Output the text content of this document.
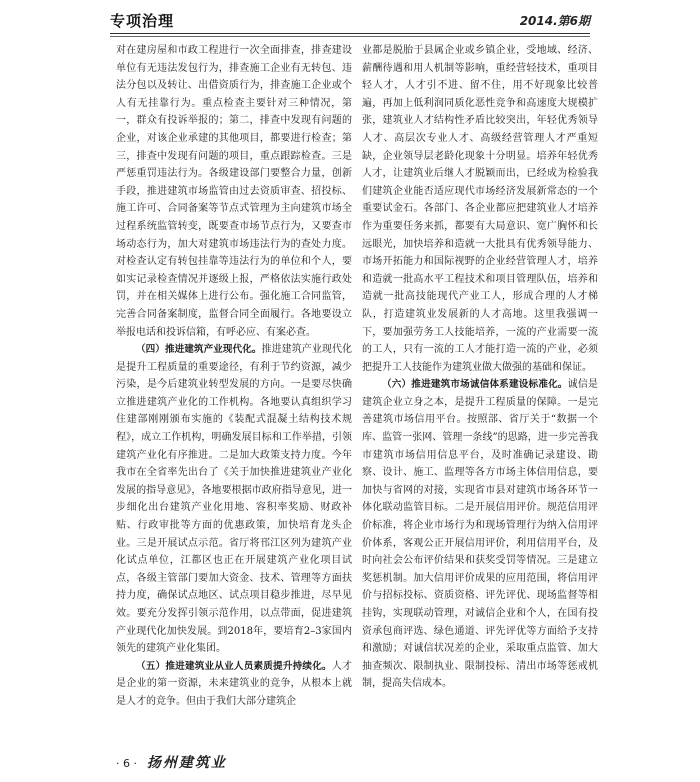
专项治理	2014.第6期

对在建房屋和市政工程进行一次全面排查，排查建设单位有无违法发包行为，排查施工企业有无转包、违法分包以及转让、出借资质行为，排查施工企业或个人有无挂靠行为。重点检查主要针对三种情况，第一，群众有投诉举报的；第二，排查中发现有问题的企业，对该企业承建的其他项目，都要进行检查；第三，排查中发现有问题的项目，重点跟踪检查。三是严惩重罚违法行为。各级建设部门要整合力量，创新手段，推进建筑市场监管由过去资质审查、招投标、施工许可、合同备案等节点式管理为主向建筑市场全过程系统监管转变，既要查市场节点行为，又要查市场动态行为，加大对建筑市场违法行为的查处力度。对检查认定有转包挂靠等违法行为的单位和个人，要如实记录检查情况并逐级上报，严格依法实施行政处罚，并在相关媒体上进行公布。强化施工合同监管，完善合同备案制度，监督合同全面履行。各地要设立举报电话和投诉信箱，有呼必应、有案必查。

（四）推进建筑产业现代化。推进建筑产业现代化是提升工程质量的重要途径，有利于节约资源，减少污染，是今后建筑业转型发展的方向。一是要尽快确立推进建筑产业化的工作机构。各地要认真组织学习住建部刚刚颁布实施的《装配式混凝土结构技术规程》，成立工作机构，明确发展目标和工作举措，引领建筑产业化有序推进。二是加大政策支持力度。今年我市在全省率先出台了《关于加快推进建筑业产业化发展的指导意见》，各地要根据市政府指导意见，进一步细化出台建筑产业化用地、容积率奖励、财政补贴、行政审批等方面的优惠政策，加快培育龙头企业。三是开展试点示范。省厅将邗江区列为建筑产业化试点单位，江都区也正在开展建筑产业化项目试点，各级主管部门要加大资金、技术、管理等方面扶持力度，确保试点地区、试点项目稳步推进，尽早见效。要充分发挥引领示范作用，以点带面，促进建筑产业现代化加快发展。到2018年，要培育2–3家国内领先的建筑产业化集团。

（五）推进建筑业从业人员素质提升持续化。人才是企业的第一资源，未来建筑业的竞争，从根本上就是人才的竞争。但由于我们大部分建筑企

业都是脱胎于县属企业或乡镇企业，受地域、经济、薪酬待遇和用人机制等影响，重经营轻技术，重项目轻人才，人才引不进、留不住，用不好现象比较普遍，再加上低利润同质化恶性竞争和高速度大规模扩张，建筑业人才结构性矛盾比较突出，年轻优秀领导人才、高层次专业人才、高级经营管理人才严重短缺，企业领导层老龄化现象十分明显。培养年轻优秀人才，让建筑业后继人才脱颖而出，已经成为检验我们建筑企业能否适应现代市场经济发展新常态的一个重要试金石。各部门、各企业都应把建筑业人才培养作为重要任务来抓，都要有大局意识、宽广胸怀和长远眼光，加快培养和造就一大批具有优秀领导能力、市场开拓能力和国际视野的企业经营管理人才，培养和造就一批高水平工程技术和项目管理队伍，培养和造就一批高技能现代产业工人，形成合理的人才梯队，打造建筑业发展新的人才高地。这里我强调一下，要加强劳务工人技能培养，一流的产业需要一流的工人，只有一流的工人才能打造一流的产业，必须把提升工人技能作为建筑业做大做强的基础和保证。

（六）推进建筑市场诚信体系建设标准化。诚信是建筑企业立身之本，是提升工程质量的保障。一是完善建筑市场信用平台。按照部、省厅关于“数据一个库、监管一张网、管理一条线”的思路，进一步完善我市建筑市场信用信息平台，及时准确记录建设、勘察、设计、施工、监理等各方市场主体信用信息，要加快与省网的对接，实现省市县对建筑市场各环节一体化联动监管目标。二是开展信用评价。规范信用评价标准，将企业市场行为和现场管理行为纳入信用评价体系，客观公正开展信用评价，利用信用平台，及时向社会公布评价结果和获奖受罚等情况。三是建立奖惩机制。加大信用评价成果的应用范围，将信用评价与招标投标、资质资格、评先评优、现场监督等相挂钩，实现联动管理，对诚信企业和个人，在国有投资承包商评选、绿色通道、评先评优等方面给予支持和激励；对诚信状况差的企业，采取重点监管、加大抽查频次、限制执业、限制投标、清出市场等惩戒机制，提高失信成本。

· 6 · 扬州建筑业
